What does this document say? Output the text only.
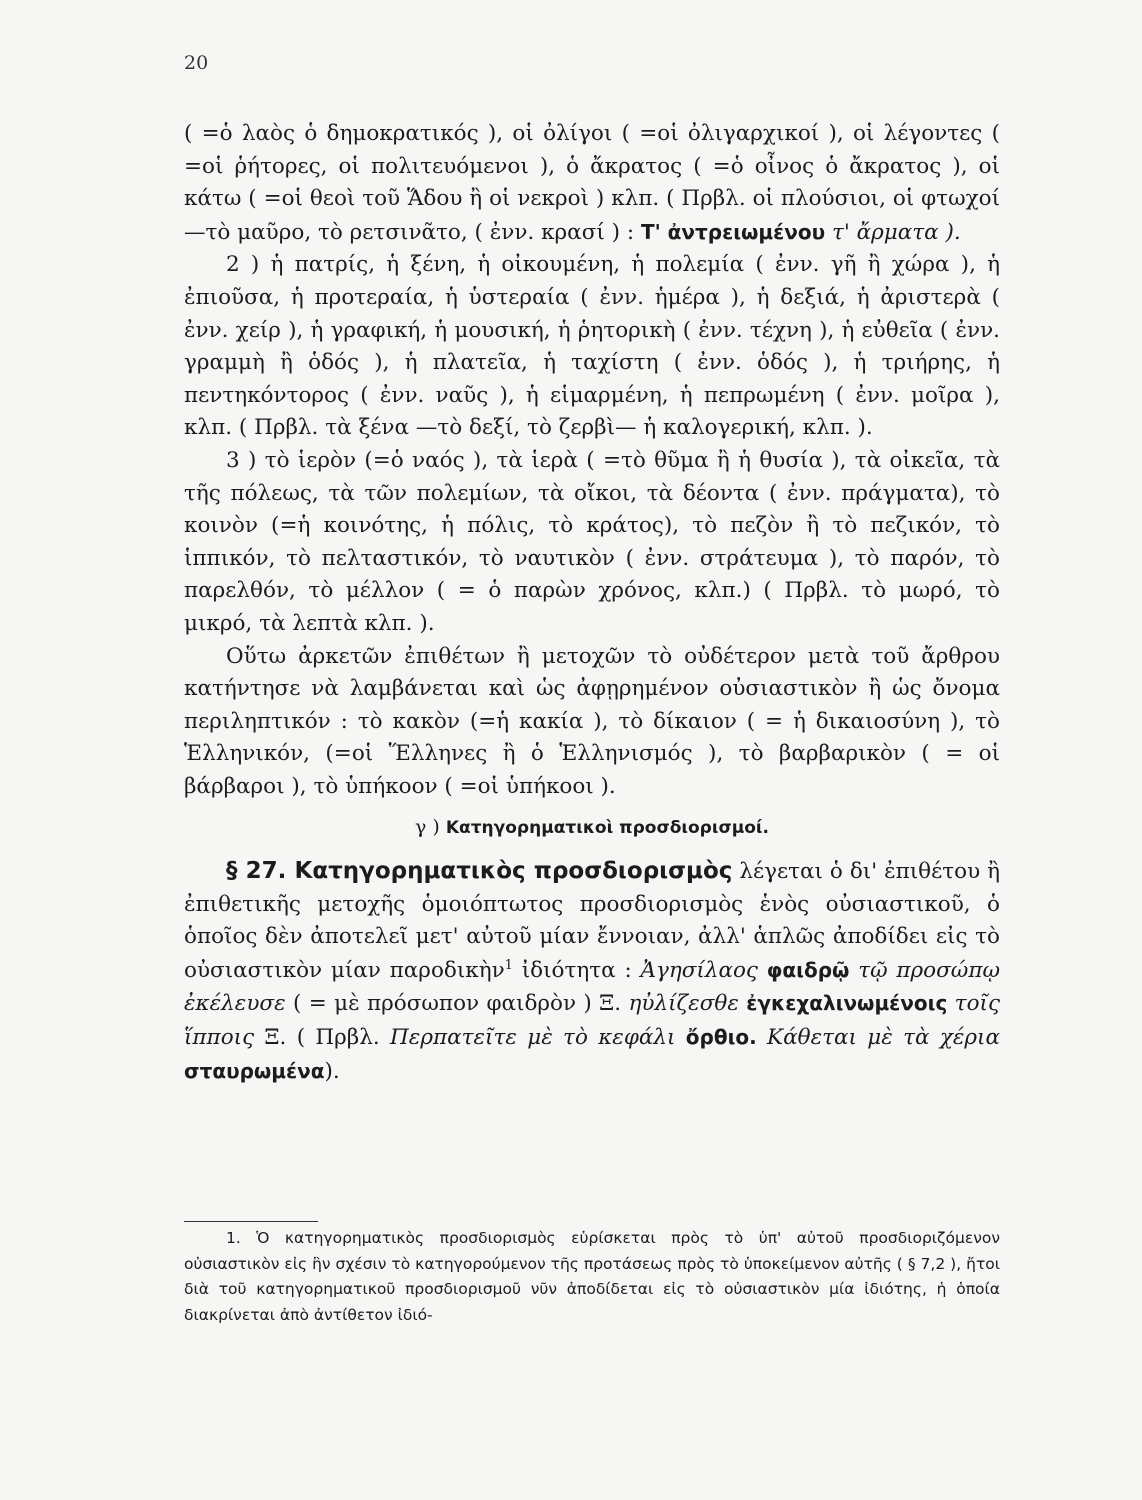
20

( =ὁ λαὸς ὁ δημοκρατικός ), οἱ ὀλίγοι ( =οἱ ὀλιγαρχικοί ), οἱ λέγοντες ( =οἱ ῥήτορες, οἱ πολιτευόμενοι ), ὁ ἄκρατος ( =ὁ οἶνος ὁ ἄκρατος ), οἱ κάτω ( =οἱ θεοὶ τοῦ Ἅδου ἢ οἱ νεκροὶ ) κλπ. ( Πρβλ. οἱ πλούσιοι, οἱ φτωχοί—τὸ μαῦρο, τὸ ρετσινᾶτο, ( ἐνν. κρασί ) : Τ' ἀντρειωμένου τ' ἄρματα ).

2 ) ἡ πατρίς, ἡ ξένη, ἡ οἰκουμένη, ἡ πολεμία ( ἐνν. γῆ ἢ χώρα ), ἡ ἐπιοῦσα, ἡ προτεραία, ἡ ὑστεραία ( ἐνν. ἡμέρα ), ἡ δεξιά, ἡ ἀριστερὰ ( ἐνν. χείρ ), ἡ γραφική, ἡ μουσική, ἡ ῥητορικὴ ( ἐνν. τέχνη ), ἡ εὐθεῖα ( ἐνν. γραμμὴ ἢ ὁδός ), ἡ πλατεῖα, ἡ ταχίστη ( ἐνν. ὁδός ), ἡ τριήρης, ἡ πεντηκόντορος ( ἐνν. ναῦς ), ἡ εἱμαρμένη, ἡ πεπρωμένη ( ἐνν. μοῖρα ), κλπ. ( Πρβλ. τὰ ξένα —τὸ δεξί, τὸ ζερβὶ— ἡ καλογερική, κλπ. ).

3 ) τὸ ἱερὸν (=ὁ ναός ), τὰ ἱερὰ ( =τὸ θῦμα ἢ ἡ θυσία ), τὰ οἰκεῖα, τὰ τῆς πόλεως, τὰ τῶν πολεμίων, τὰ οἴκοι, τὰ δέοντα ( ἐνν. πράγματα), τὸ κοινὸν (=ἡ κοινότης, ἡ πόλις, τὸ κράτος), τὸ πεζὸν ἢ τὸ πεζικόν, τὸ ἱππικόν, τὸ πελταστικόν, τὸ ναυτικὸν ( ἐνν. στράτευμα ), τὸ παρόν, τὸ παρελθόν, τὸ μέλλον ( = ὁ παρὼν χρόνος, κλπ.) ( Πρβλ. τὸ μωρό, τὸ μικρό, τὰ λεπτὰ κλπ. ).

Οὕτω ἀρκετῶν ἐπιθέτων ἢ μετοχῶν τὸ οὐδέτερον μετὰ τοῦ ἄρθρου κατήντησε νὰ λαμβάνεται καὶ ὡς ἀφῃρημένον οὐσιαστικὸν ἢ ὡς ὄνομα περιληπτικόν : τὸ κακὸν (=ἡ κακία ), τὸ δίκαιον ( = ἡ δικαιοσύνη ), τὸ Ἑλληνικόν, (=οἱ Ἕλληνες ἢ ὁ Ἑλληνισμός ), τὸ βαρβαρικὸν ( = οἱ βάρβαροι ), τὸ ὑπήκοον ( =οἱ ὑπήκοοι ).

γ ) Κατηγορηματικοὶ προσδιορισμοί.

§ 27. Κατηγορηματικὸς προσδιορισμὸς λέγεται ὁ δι' ἐπιθέτου ἢ ἐπιθετικῆς μετοχῆς ὁμοιόπτωτος προσδιορισμὸς ἑνὸς οὐσιαστικοῦ, ὁ ὁποῖος δὲν ἀποτελεῖ μετ' αὐτοῦ μίαν ἔννοιαν, ἀλλ' ἁπλῶς ἀποδίδει εἰς τὸ οὐσιαστικὸν μίαν παροδικὴν$^1$ ἰδιότητα : Ἀγησίλαος φαιδρῷ τῷ προσώπῳ ἐκέλευσε ( = μὲ πρόσωπον φαιδρὸν ) Ξ. ηὐλίζεσθε ἐγκεχαλινωμένοις τοῖς ἵπποις Ξ. ( Πρβλ. Περπατεῖτε μὲ τὸ κεφάλι ὄρθιο. Κάθεται μὲ τὰ χέρια σταυρωμένα).

1. Ὁ κατηγορηματικὸς προσδιορισμὸς εὑρίσκεται πρὸς τὸ ὑπ' αὐτοῦ προσδιοριζόμενον οὐσιαστικὸν εἰς ἣν σχέσιν τὸ κατηγορούμενον τῆς προτάσεως πρὸς τὸ ὑποκείμενον αὐτῆς ( § 7,2 ), ἤτοι διὰ τοῦ κατηγορηματικοῦ προσδιορισμοῦ νῦν ἀποδίδεται εἰς τὸ οὐσιαστικὸν μία ἰδιότης, ἡ ὁποία διακρίνεται ἀπὸ ἀντίθετον ἰδιό-
